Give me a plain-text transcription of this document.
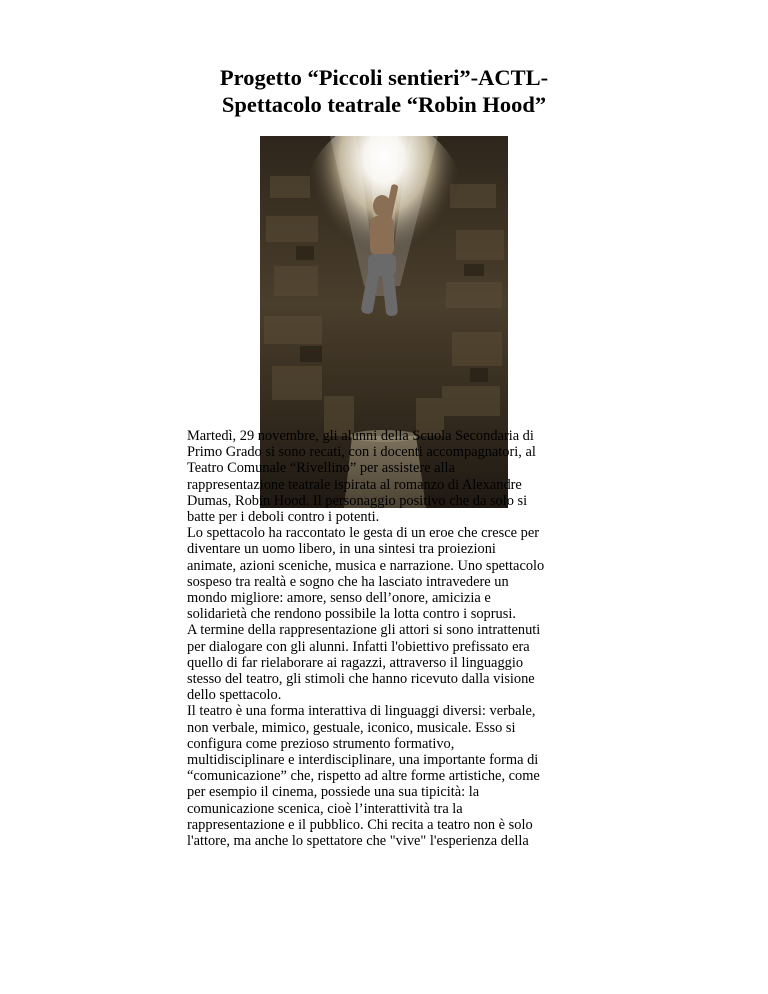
Progetto “Piccoli sentieri”-ACTL-
Spettacolo teatrale “Robin Hood”

Martedì, 29 novembre, gli alunni della Scuola Secondaria di Primo Grado si sono recati, con i docenti accompagnatori, al Teatro Comunale “Rivellino” per assistere alla rappresentazione teatrale ispirata al romanzo di Alexandre Dumas, Robin Hood. Il personaggio positivo che da solo si batte per i deboli contro i potenti.

Lo spettacolo ha raccontato le gesta di un eroe che cresce per diventare un uomo libero, in una sintesi tra proiezioni animate, azioni sceniche, musica e narrazione. Uno spettacolo sospeso tra realtà e sogno che ha lasciato intravedere un mondo migliore: amore, senso dell’onore, amicizia e solidarietà che rendono possibile la lotta contro i soprusi.

A termine della rappresentazione gli attori si sono intrattenuti per dialogare con gli alunni. Infatti l'obiettivo prefissato era quello di far rielaborare ai ragazzi, attraverso il linguaggio stesso del teatro, gli stimoli che hanno ricevuto dalla visione dello spettacolo.

Il teatro è una forma interattiva di linguaggi diversi: verbale, non verbale, mimico, gestuale, iconico, musicale. Esso si configura come prezioso strumento formativo, multidisciplinare e interdisciplinare, una importante forma di “comunicazione” che, rispetto ad altre forme artistiche, come per esempio il cinema, possiede una sua tipicità: la comunicazione scenica, cioè l’interattività tra la rappresentazione e il pubblico. Chi recita a teatro non è solo l'attore, ma anche lo spettatore che "vive" l'esperienza della
